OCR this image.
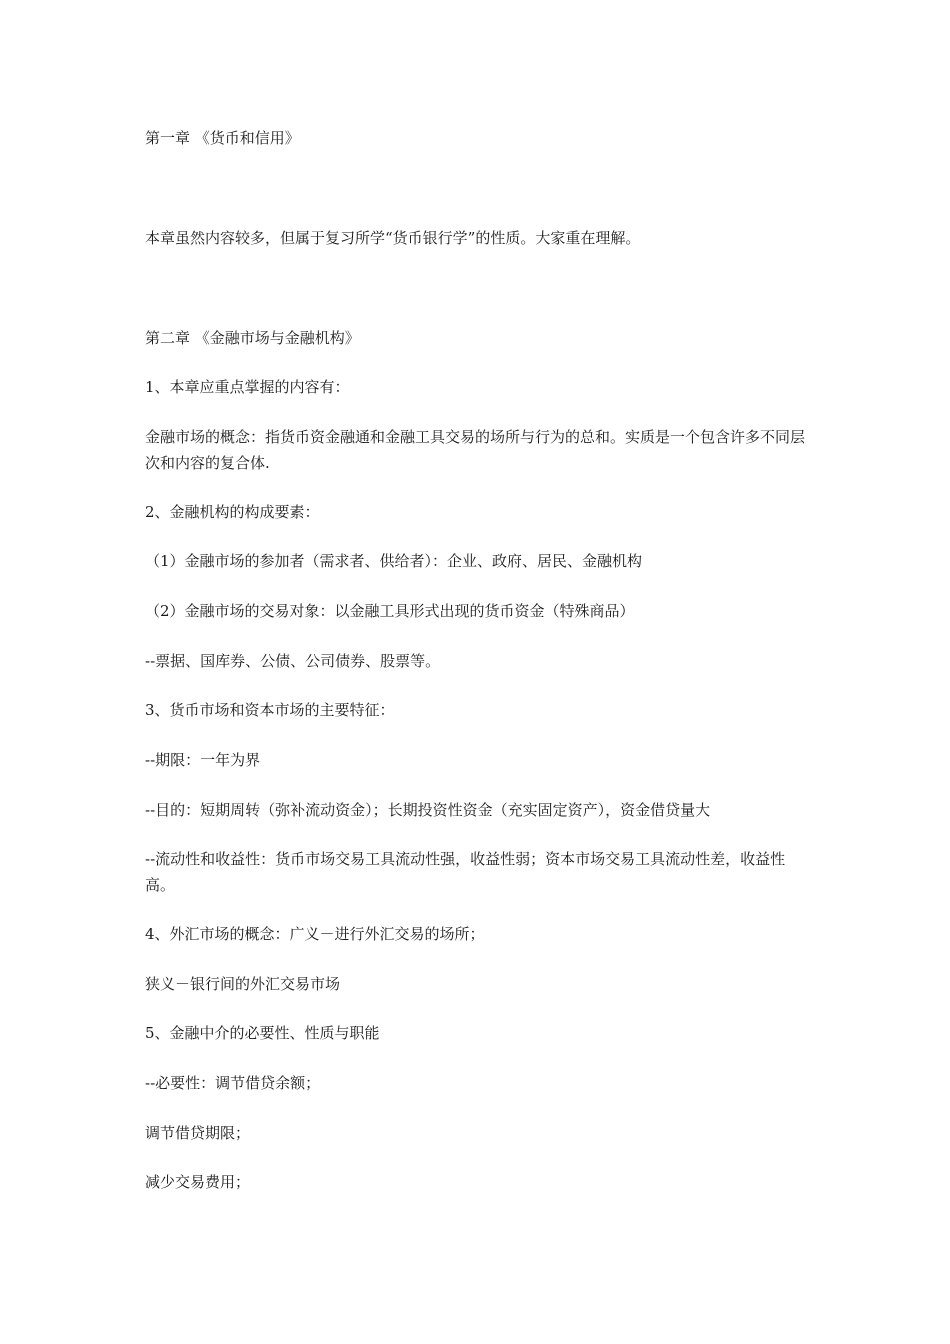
第一章 《货币和信用》

本章虽然内容较多，但属于复习所学“货币银行学”的性质。大家重在理解。

第二章 《金融市场与金融机构》

1、本章应重点掌握的内容有：

金融市场的概念：指货币资金融通和金融工具交易的场所与行为的总和。实质是一个包含许多不同层次和内容的复合体.

2、金融机构的构成要素：

（1）金融市场的参加者（需求者、供给者）：企业、政府、居民、金融机构

（2）金融市场的交易对象：以金融工具形式出现的货币资金（特殊商品）

--票据、国库券、公债、公司债券、股票等。

3、货币市场和资本市场的主要特征：

--期限：一年为界

--目的：短期周转（弥补流动资金）；长期投资性资金（充实固定资产），资金借贷量大

--流动性和收益性：货币市场交易工具流动性强，收益性弱；资本市场交易工具流动性差，收益性高。

4、外汇市场的概念：广义－进行外汇交易的场所；

狭义－银行间的外汇交易市场

5、金融中介的必要性、性质与职能

--必要性：调节借贷余额；

调节借贷期限；

减少交易费用；
